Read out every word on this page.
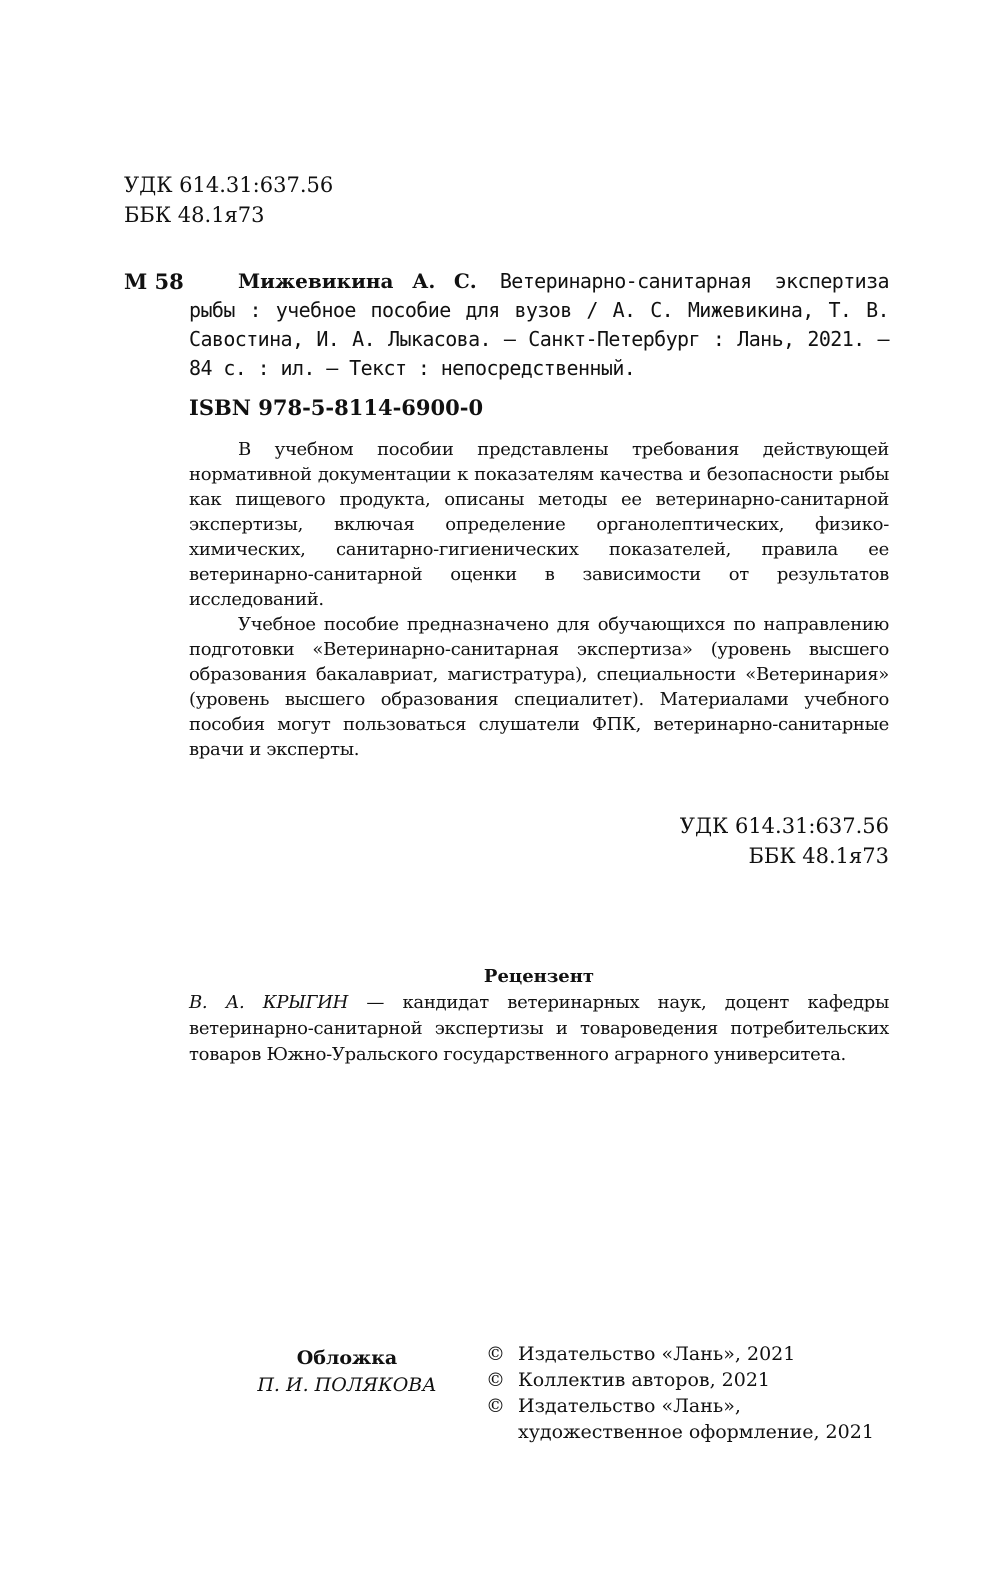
УДК 614.31:637.56
ББК 48.1я73
М 58	Мижевикина А. С. Ветеринарно-санитарная экспертиза рыбы : учебное пособие для вузов / А. С. Мижевикина, Т. В. Савостина, И. А. Лыкасова. — Санкт-Петербург : Лань, 2021. — 84 с. : ил. — Текст : непосредственный.
ISBN 978-5-8114-6900-0

В учебном пособии представлены требования действующей нормативной документации к показателям качества и безопасности рыбы как пищевого продукта, описаны методы ее ветеринарно-санитарной экспертизы, включая определение органолептических, физико-химических, санитарно-гигиенических показателей, правила ее ветеринарно-санитарной оценки в зависимости от результатов исследований.

Учебное пособие предназначено для обучающихся по направлению подготовки «Ветеринарно-санитарная экспертиза» (уровень высшего образования бакалавриат, магистратура), специальности «Ветеринария» (уровень высшего образования специалитет). Материалами учебного пособия могут пользоваться слушатели ФПК, ветеринарно-санитарные врачи и эксперты.

УДК 614.31:637.56
ББК 48.1я73
Рецензент
В. А. КРЫГИН — кандидат ветеринарных наук, доцент кафедры ветеринарно-санитарной экспертизы и товароведения потребительских товаров Южно-Уральского государственного аграрного университета.
Обложка
П. И. ПОЛЯКОВА
© Издательство «Лань», 2021
© Коллектив авторов, 2021
© Издательство «Лань»,
художественное оформление, 2021
